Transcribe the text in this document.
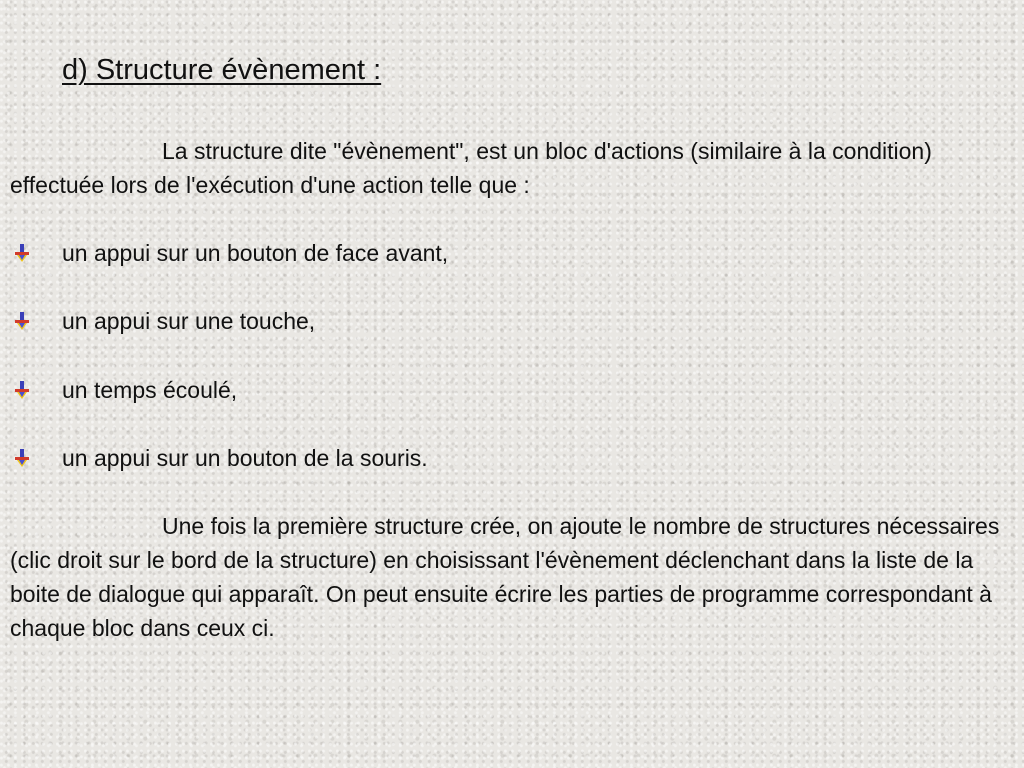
d) Structure évènement :

La structure dite "évènement", est un bloc d'actions (similaire à la condition) effectuée lors de l'exécution d'une action telle que :

un appui sur un bouton de face avant,
un appui sur une touche,
un temps écoulé,
un appui sur un bouton de la souris.

Une fois la première structure crée, on ajoute le nombre de structures nécessaires (clic droit sur le bord de la structure) en choisissant l'évènement déclenchant dans la liste de la boite de dialogue qui apparaît. On peut ensuite écrire les parties de programme correspondant à chaque bloc dans ceux ci.
